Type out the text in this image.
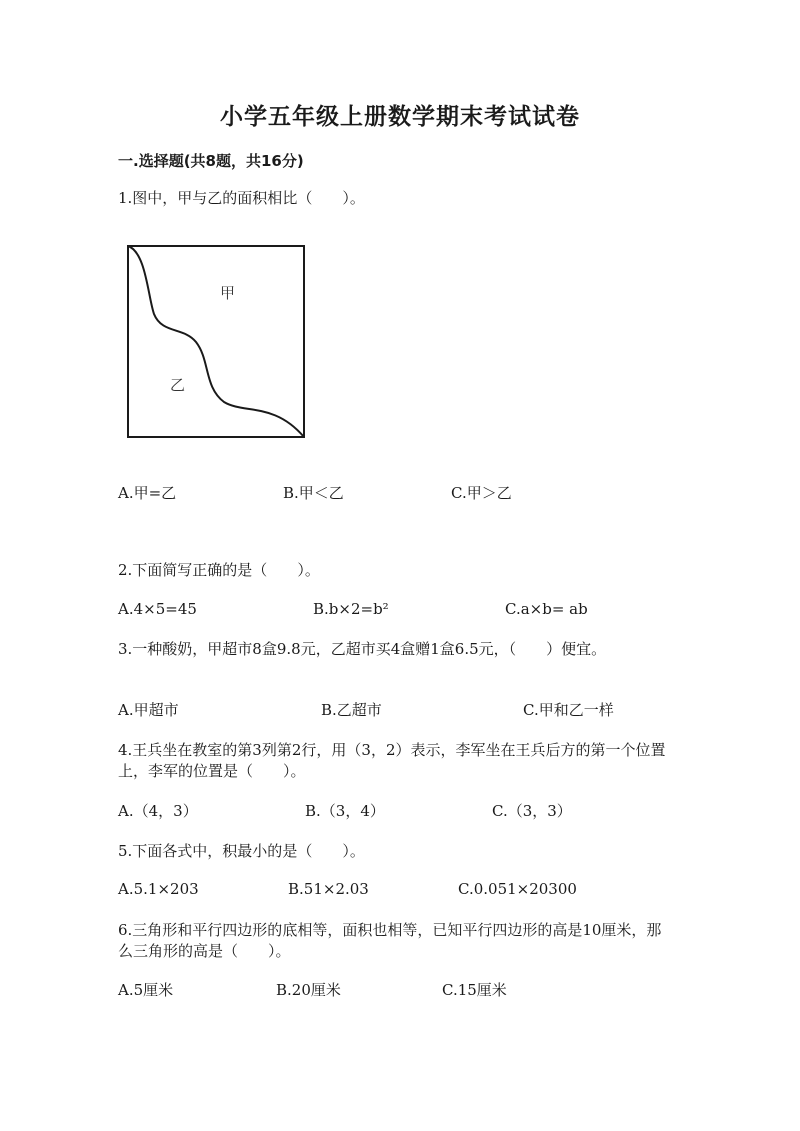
小学五年级上册数学期末考试试卷
一.选择题(共8题，共16分)
1.图中，甲与乙的面积相比（　　）。
甲
乙
A.甲=乙	B.甲＜乙	C.甲＞乙
2.下面简写正确的是（　　）。
A.4×5=45	B.b×2=b²	C.a×b= ab
3.一种酸奶，甲超市8盒9.8元，乙超市买4盒赠1盒6.5元，（　　）便宜。
A.甲超市	B.乙超市	C.甲和乙一样
4.王兵坐在教室的第3列第2行，用（3，2）表示，李军坐在王兵后方的第一个位置上，李军的位置是（　　）。
A.（4，3）	B.（3，4）	C.（3，3）
5.下面各式中，积最小的是（　　）。
A.5.1×203	B.51×2.03	C.0.051×20300
6.三角形和平行四边形的底相等，面积也相等，已知平行四边形的高是10厘米，那么三角形的高是（　　）。
A.5厘米	B.20厘米	C.15厘米
